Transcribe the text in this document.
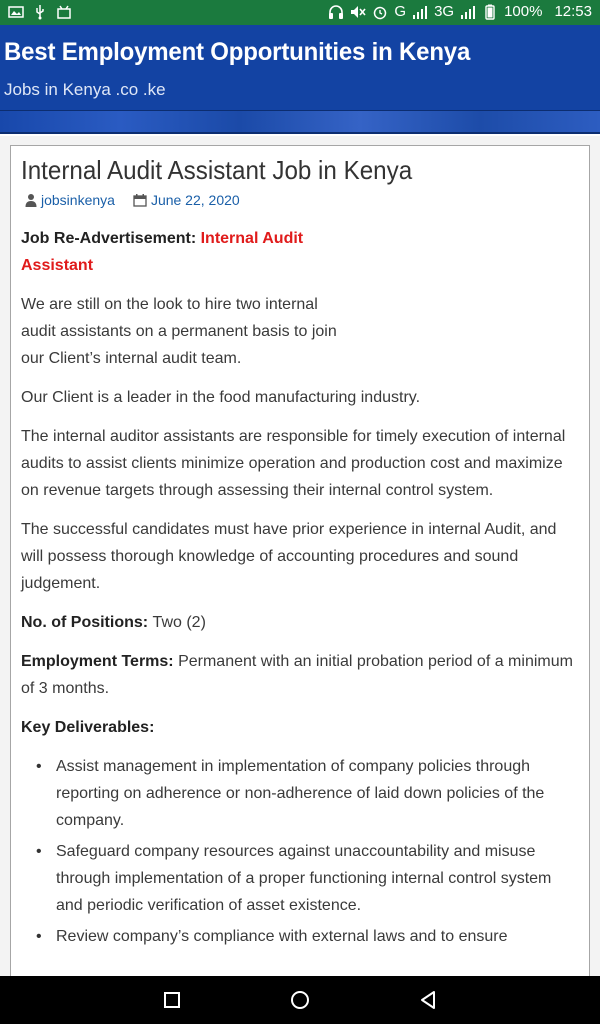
G 3G	100% 12:53
Best Employment Opportunities in Kenya
Jobs in Kenya .co .ke
Internal Audit Assistant Job in Kenya
jobsinkenya	June 22, 2020

Job Re-Advertisement: Internal Audit
Assistant

We are still on the look to hire two internal
audit assistants on a permanent basis to join
our Client’s internal audit team.

Our Client is a leader in the food manufacturing industry.

The internal auditor assistants are responsible for timely execution of internal audits to assist clients minimize operation and production cost and maximize on revenue targets through assessing their internal control system.

The successful candidates must have prior experience in internal Audit, and will possess thorough knowledge of accounting procedures and sound judgement.

No. of Positions: Two (2)

Employment Terms: Permanent with an initial probation period of a minimum of 3 months.

Key Deliverables:

• Assist management in implementation of company policies through reporting on adherence or non-adherence of laid down policies of the company.
• Safeguard company resources against unaccountability and misuse through implementation of a proper functioning internal control system and periodic verification of asset existence.
• Review company’s compliance with external laws and to ensure
